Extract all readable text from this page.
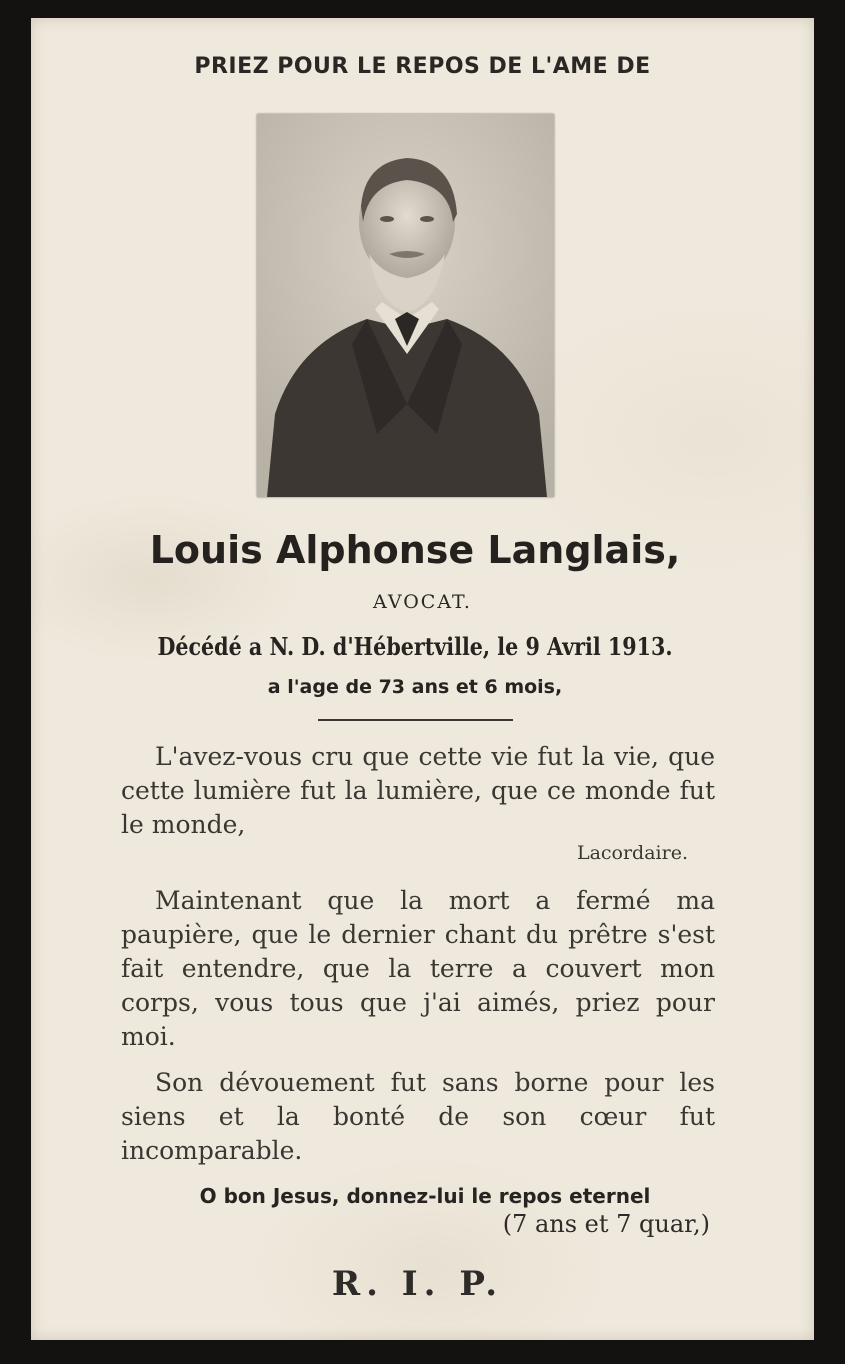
PRIEZ POUR LE REPOS DE L'AME DE
Louis Alphonse Langlais,
AVOCAT.
Décédé a N. D. d'Hébertville, le 9 Avril 1913.
a l'age de 73 ans et 6 mois,
L'avez-vous cru que cette vie fut la vie, que cette lumière fut la lumière, que ce monde fut le monde,
Lacordaire.
Maintenant que la mort a fermé ma paupière, que le dernier chant du prêtre s'est fait entendre, que la terre a couvert mon corps, vous tous que j'ai aimés, priez pour moi.
Son dévouement fut sans borne pour les siens et la bonté de son cœur fut incomparable.
O bon Jesus, donnez-lui le repos eternel
(7 ans et 7 quar,)
R. I. P.
